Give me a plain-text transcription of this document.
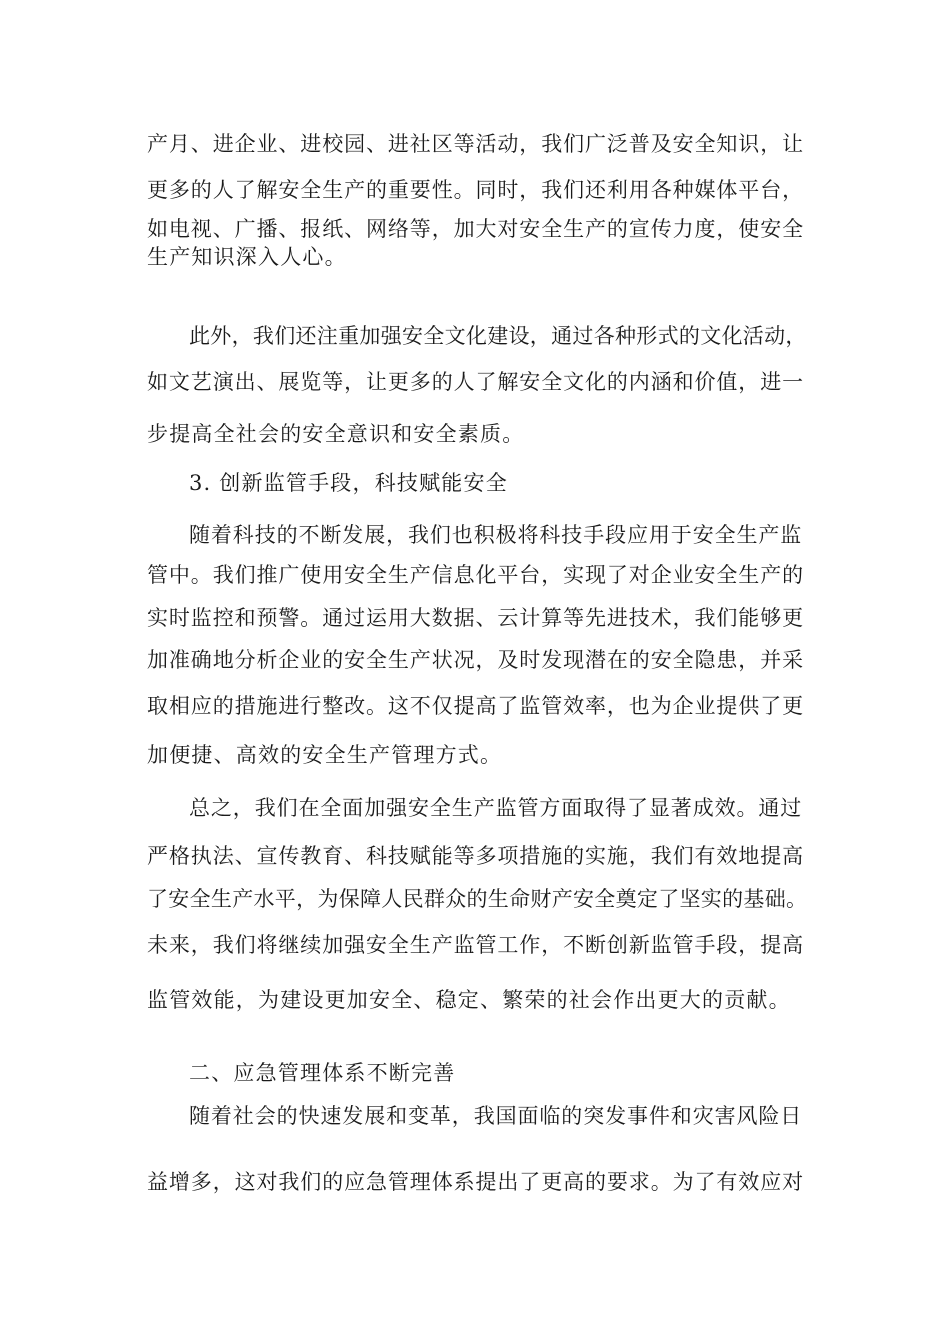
产月、进企业、进校园、进社区等活动，我们广泛普及安全知识，让
更多的人了解安全生产的重要性。同时，我们还利用各种媒体平台，
如电视、广播、报纸、网络等，加大对安全生产的宣传力度，使安全
生产知识深入人心。
此外，我们还注重加强安全文化建设，通过各种形式的文化活动，
如文艺演出、展览等，让更多的人了解安全文化的内涵和价值，进一
步提高全社会的安全意识和安全素质。
3. 创新监管手段，科技赋能安全
随着科技的不断发展，我们也积极将科技手段应用于安全生产监
管中。我们推广使用安全生产信息化平台，实现了对企业安全生产的
实时监控和预警。通过运用大数据、云计算等先进技术，我们能够更
加准确地分析企业的安全生产状况，及时发现潜在的安全隐患，并采
取相应的措施进行整改。这不仅提高了监管效率，也为企业提供了更
加便捷、高效的安全生产管理方式。
总之，我们在全面加强安全生产监管方面取得了显著成效。通过
严格执法、宣传教育、科技赋能等多项措施的实施，我们有效地提高
了安全生产水平，为保障人民群众的生命财产安全奠定了坚实的基础。
未来，我们将继续加强安全生产监管工作，不断创新监管手段，提高
监管效能，为建设更加安全、稳定、繁荣的社会作出更大的贡献。
二、应急管理体系不断完善
随着社会的快速发展和变革，我国面临的突发事件和灾害风险日
益增多，这对我们的应急管理体系提出了更高的要求。为了有效应对
